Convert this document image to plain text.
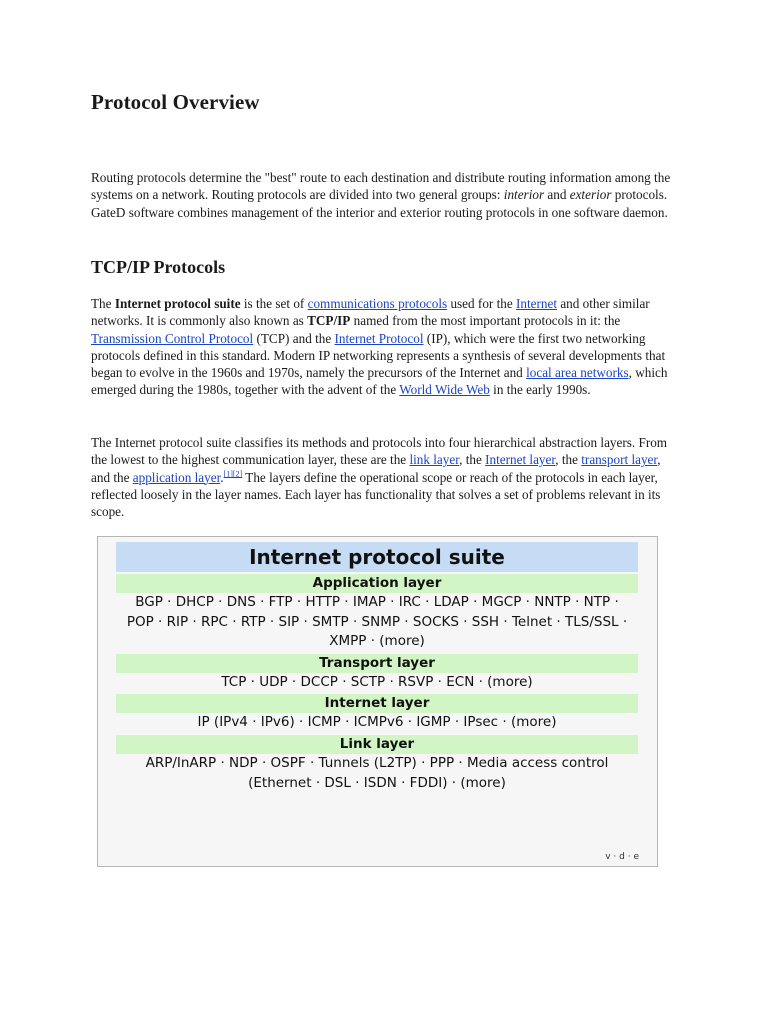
Protocol Overview

Routing protocols determine the "best" route to each destination and distribute routing information among the systems on a network. Routing protocols are divided into two general groups: interior and exterior protocols. GateD software combines management of the interior and exterior routing protocols in one software daemon.

TCP/IP Protocols

The Internet protocol suite is the set of communications protocols used for the Internet and other similar networks. It is commonly also known as TCP/IP named from the most important protocols in it: the Transmission Control Protocol (TCP) and the Internet Protocol (IP), which were the first two networking protocols defined in this standard. Modern IP networking represents a synthesis of several developments that began to evolve in the 1960s and 1970s, namely the precursors of the Internet and local area networks, which emerged during the 1980s, together with the advent of the World Wide Web in the early 1990s.

The Internet protocol suite classifies its methods and protocols into four hierarchical abstraction layers. From the lowest to the highest communication layer, these are the link layer, the Internet layer, the transport layer, and the application layer.[1][2] The layers define the operational scope or reach of the protocols in each layer, reflected loosely in the layer names. Each layer has functionality that solves a set of problems relevant in its scope.

Internet protocol suite
Application layer
BGP · DHCP · DNS · FTP · HTTP · IMAP · IRC · LDAP · MGCP · NNTP · NTP · POP · RIP · RPC · RTP · SIP · SMTP · SNMP · SOCKS · SSH · Telnet · TLS/SSL · XMPP · (more)
Transport layer
TCP · UDP · DCCP · SCTP · RSVP · ECN · (more)
Internet layer
IP (IPv4 · IPv6) · ICMP · ICMPv6 · IGMP · IPsec · (more)
Link layer
ARP/InARP · NDP · OSPF · Tunnels (L2TP) · PPP · Media access control (Ethernet · DSL · ISDN · FDDI) · (more)
v · d · e
